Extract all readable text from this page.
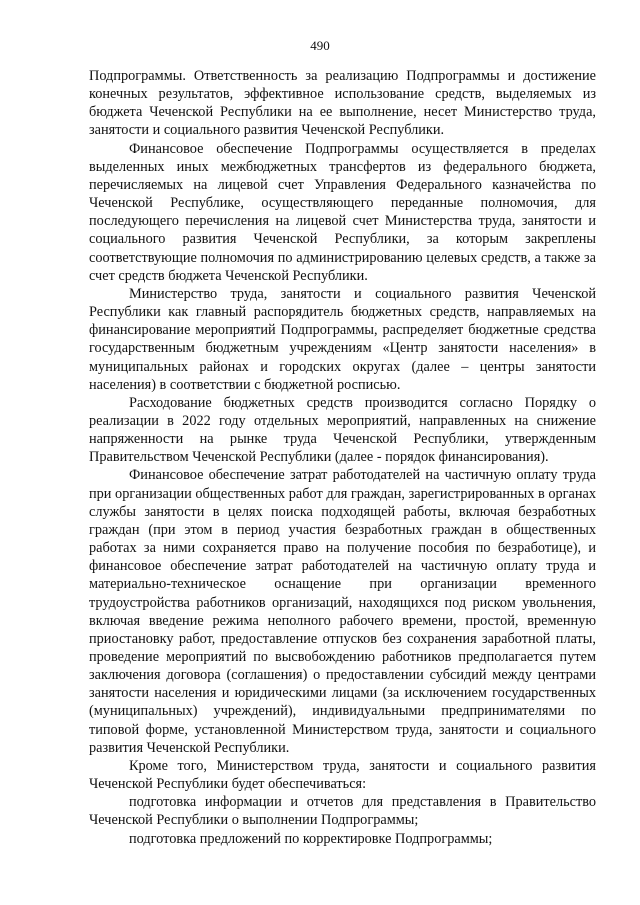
490

Подпрограммы. Ответственность за реализацию Подпрограммы и достижение конечных результатов, эффективное использование средств, выделяемых из бюджета Чеченской Республики на ее выполнение, несет Министерство труда, занятости и социального развития Чеченской Республики.

Финансовое обеспечение Подпрограммы осуществляется в пределах выделенных иных межбюджетных трансфертов из федерального бюджета, перечисляемых на лицевой счет Управления Федерального казначейства по Чеченской Республике, осуществляющего переданные полномочия, для последующего перечисления на лицевой счет Министерства труда, занятости и социального развития Чеченской Республики, за которым закреплены соответствующие полномочия по администрированию целевых средств, а также за счет средств бюджета Чеченской Республики.

Министерство труда, занятости и социального развития Чеченской Республики как главный распорядитель бюджетных средств, направляемых на финансирование мероприятий Подпрограммы, распределяет бюджетные средства государственным бюджетным учреждениям «Центр занятости населения» в муниципальных районах и городских округах (далее – центры занятости населения) в соответствии с бюджетной росписью.

Расходование бюджетных средств производится согласно Порядку о реализации в 2022 году отдельных мероприятий, направленных на снижение напряженности на рынке труда Чеченской Республики, утвержденным Правительством Чеченской Республики (далее - порядок финансирования).

Финансовое обеспечение затрат работодателей на частичную оплату труда при организации общественных работ для граждан, зарегистрированных в органах службы занятости в целях поиска подходящей работы, включая безработных граждан (при этом в период участия безработных граждан в общественных работах за ними сохраняется право на получение пособия по безработице), и финансовое обеспечение затрат работодателей на частичную оплату труда и материально-техническое оснащение при организации временного трудоустройства работников организаций, находящихся под риском увольнения, включая введение режима неполного рабочего времени, простой, временную приостановку работ, предоставление отпусков без сохранения заработной платы, проведение мероприятий по высвобождению работников предполагается путем заключения договора (соглашения) о предоставлении субсидий между центрами занятости населения и юридическими лицами (за исключением государственных (муниципальных) учреждений), индивидуальными предпринимателями по типовой форме, установленной Министерством труда, занятости и социального развития Чеченской Республики.

Кроме того, Министерством труда, занятости и социального развития Чеченской Республики будет обеспечиваться:

подготовка информации и отчетов для представления в Правительство Чеченской Республики о выполнении Подпрограммы;

подготовка предложений по корректировке Подпрограммы;
